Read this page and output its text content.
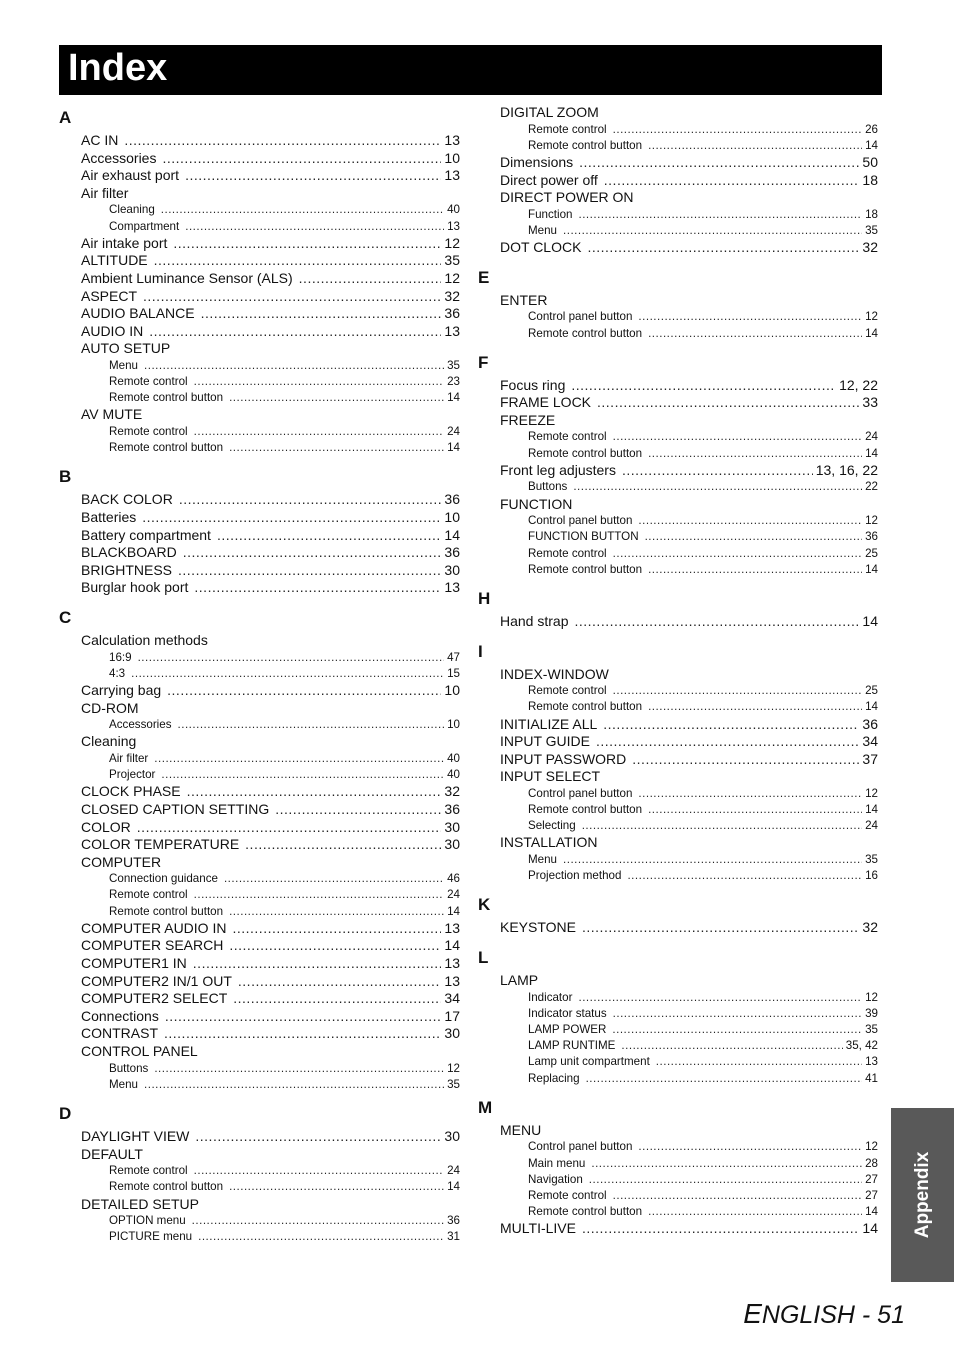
Index
A
AC IN .....	13
Accessories .....	10
Air exhaust port .....	13
Air filter
Cleaning .....	40
Compartment .....	13
Air intake port .....	12
ALTITUDE .....	35
Ambient Luminance Sensor (ALS) .....	12
ASPECT .....	32
AUDIO BALANCE .....	36
AUDIO IN .....	13
AUTO SETUP
Menu .....	35
Remote control .....	23
Remote control button .....	14
AV MUTE
Remote control .....	24
Remote control button .....	14
B
BACK COLOR .....	36
Batteries .....	10
Battery compartment .....	14
BLACKBOARD .....	36
BRIGHTNESS .....	30
Burglar hook port .....	13
C
Calculation methods
16:9 .....	47
4:3 .....	15
Carrying bag .....	10
CD-ROM
Accessories .....	10
Cleaning
Air filter .....	40
Projector .....	40
CLOCK PHASE .....	32
CLOSED CAPTION SETTING .....	36
COLOR .....	30
COLOR TEMPERATURE .....	30
COMPUTER
Connection guidance .....	46
Remote control .....	24
Remote control button .....	14
COMPUTER AUDIO IN .....	13
COMPUTER SEARCH .....	14
COMPUTER1 IN .....	13
COMPUTER2 IN/1 OUT .....	13
COMPUTER2 SELECT .....	34
Connections .....	17
CONTRAST .....	30
CONTROL PANEL
Buttons .....	12
Menu .....	35
D
DAYLIGHT VIEW .....	30
DEFAULT
Remote control .....	24
Remote control button .....	14
DETAILED SETUP
OPTION menu .....	36
PICTURE menu .....	31
DIGITAL ZOOM
Remote control .....	26
Remote control button .....	14
Dimensions .....	50
Direct power off .....	18
DIRECT POWER ON
Function .....	18
Menu .....	35
DOT CLOCK .....	32
E
ENTER
Control panel button .....	12
Remote control button .....	14
F
Focus ring .....	12, 22
FRAME LOCK .....	33
FREEZE
Remote control .....	24
Remote control button .....	14
Front leg adjusters .....	13, 16, 22
Buttons .....	22
FUNCTION
Control panel button .....	12
FUNCTION BUTTON .....	36
Remote control .....	25
Remote control button .....	14
H
Hand strap .....	14
I
INDEX-WINDOW
Remote control .....	25
Remote control button .....	14
INITIALIZE ALL .....	36
INPUT GUIDE .....	34
INPUT PASSWORD .....	37
INPUT SELECT
Control panel button .....	12
Remote control button .....	14
Selecting .....	24
INSTALLATION
Menu .....	35
Projection method .....	16
K
KEYSTONE .....	32
L
LAMP
Indicator .....	12
Indicator status .....	39
LAMP POWER .....	35
LAMP RUNTIME .....	35, 42
Lamp unit compartment .....	13
Replacing .....	41
M
MENU
Control panel button .....	12
Main menu .....	28
Navigation .....	27
Remote control .....	27
Remote control button .....	14
MULTI-LIVE .....	14 Appendix
ENGLISH - 51
